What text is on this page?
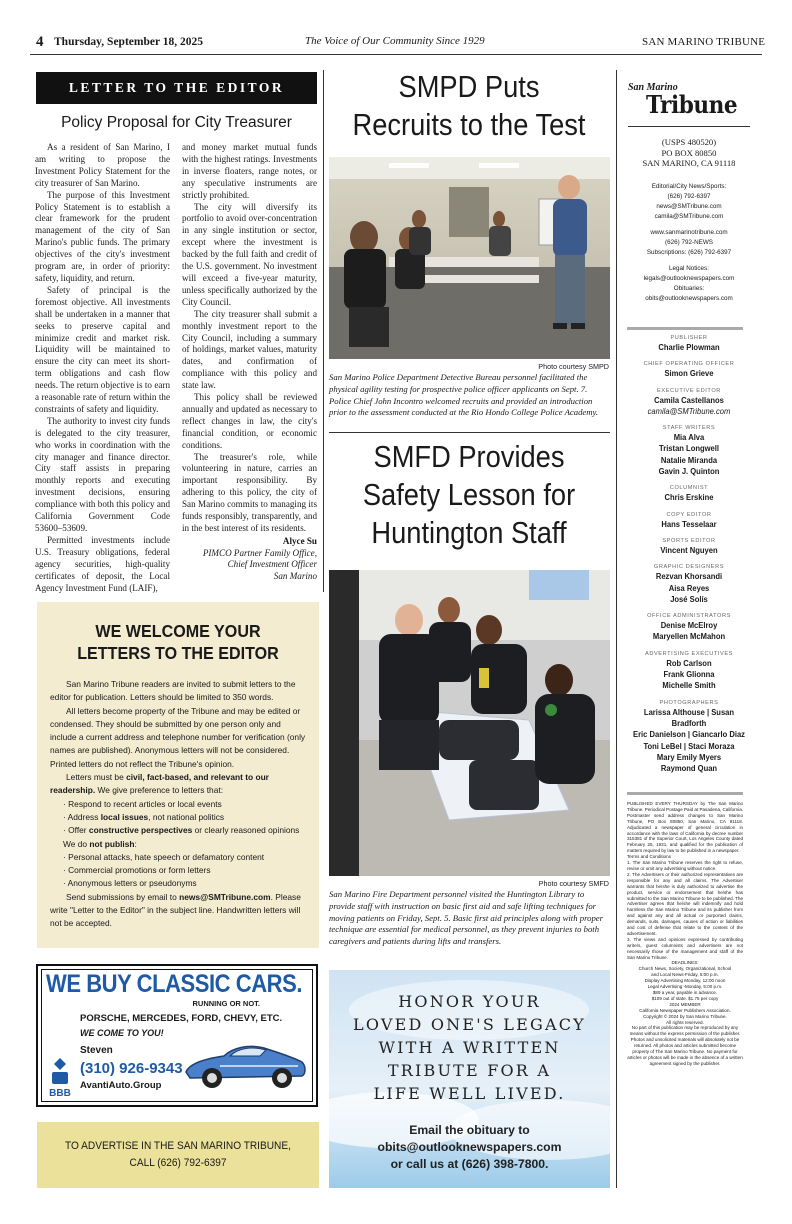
4 Thursday, September 18, 2025	The Voice of Our Community Since 1929	SAN MARINO TRIBUNE
LETTER TO THE EDITOR
Policy Proposal for City Treasurer

As a resident of San Marino, I am writing to propose the Investment Policy Statement for the city treasurer of San Marino.

The purpose of this Investment Policy Statement is to establish a clear framework for the prudent management of the city of San Marino's public funds. The primary objectives of the city's investment program are, in order of priority: safety, liquidity, and return.

Safety of principal is the foremost objective. All investments shall be undertaken in a manner that seeks to preserve capital and minimize credit and market risk. Liquidity will be maintained to ensure the city can meet its short-term obligations and cash flow needs. The return objective is to earn a reasonable rate of return within the constraints of safety and liquidity.

The authority to invest city funds is delegated to the city treasurer, who works in coordination with the city manager and finance director. City staff assists in preparing monthly reports and executing investment decisions, ensuring compliance with both this policy and California Government Code 53600–53609.

Permitted investments include U.S. Treasury obligations, federal agency securities, high-quality certificates of deposit, the Local Agency Investment Fund (LAIF),

and money market mutual funds with the highest ratings. Investments in inverse floaters, range notes, or any speculative instruments are strictly prohibited.

The city will diversify its portfolio to avoid over-concentration in any single institution or sector, except where the investment is backed by the full faith and credit of the U.S. government. No investment will exceed a five-year maturity, unless specifically authorized by the City Council.

The city treasurer shall submit a monthly investment report to the City Council, including a summary of holdings, market values, maturity dates, and confirmation of compliance with this policy and state law.

This policy shall be reviewed annually and updated as necessary to reflect changes in law, the city's financial condition, or economic conditions.

The treasurer's role, while volunteering in nature, carries an important responsibility. By adhering to this policy, the city of San Marino commits to managing its funds responsibly, transparently, and in the best interest of its residents.

Alyce Su
PIMCO Partner Family Office,
Chief Investment Officer
San Marino
WE WELCOME YOUR
LETTERS TO THE EDITOR

San Marino Tribune readers are invited to submit letters to the editor for publication. Letters should be limited to 350 words.

All letters become property of the Tribune and may be edited or condensed. They should be submitted by one person only and include a current address and telephone number for verification (only names are published). Anonymous letters will not be considered. Printed letters do not reflect the Tribune's opinion.

Letters must be civil, fact-based, and relevant to our readership. We give preference to letters that:

· Respond to recent articles or local events
· Address local issues, not national politics
· Offer constructive perspectives or clearly reasoned opinions
We do not publish:
· Personal attacks, hate speech or defamatory content
· Commercial promotions or form letters
· Anonymous letters or pseudonyms

Send submissions by email to news@SMTribune.com. Please write "Letter to the Editor" in the subject line. Handwritten letters will not be accepted.

WE BUY CLASSIC CARS.
RUNNING OR NOT.
PORSCHE, MERCEDES, FORD, CHEVY, ETC.
WE COME TO YOU!
Steven
(310) 926-9343
AvantiAuto.Group
BBB
TO ADVERTISE IN THE SAN MARINO TRIBUNE,
CALL (626) 792-6397
SMPD Puts
Recruits to the Test
Photo courtesy SMPD
San Marino Police Department Detective Bureau personnel facilitated the physical agility testing for prospective police officer applicants on Sept. 7. Police Chief John Incontro welcomed recruits and provided an introduction prior to the assessment conducted at the Rio Hondo College Police Academy.
SMFD Provides
Safety Lesson for
Huntington Staff
Photo courtesy SMFD
San Marino Fire Department personnel visited the Huntington Library to provide staff with instruction on basic first aid and safe lifting techniques for moving patients on Friday, Sept. 5. Basic first aid principles along with proper technique are essential for medical personnel, as they prevent injuries to both caregivers and patients during lifts and transfers.
HONOR YOUR
LOVED ONE'S LEGACY
WITH A WRITTEN
TRIBUTE FOR A
LIFE WELL LIVED.
Email the obituary to
obits@outlooknewspapers.com
or call us at (626) 398-7800.
San Marino
Tribune
(USPS 480520)
PO BOX 80850
SAN MARINO, CA 91118
Editorial/City News/Sports:
(626) 792-6397
news@SMTribune.com
camila@SMTribune.com
www.sanmarinotribune.com
(626) 792-NEWS
Subscriptions: (626) 792-6397
Legal Notices:
legals@outlooknewspapers.com
Obituaries:
obits@outlooknewspapers.com
PUBLISHER
Charlie Plowman
CHIEF OPERATING OFFICER
Simon Grieve
EXECUTIVE EDITOR
Camila Castellanos
camila@SMTribune.com
STAFF WRITERS
Mia Alva
Tristan Longwell
Natalie Miranda
Gavin J. Quinton
COLUMNIST
Chris Erskine
COPY EDITOR
Hans Tesselaar
SPORTS EDITOR
Vincent Nguyen
GRAPHIC DESIGNERS
Rezvan Khorsandi
Aisa Reyes
José Solís
OFFICE ADMINISTRATORS
Denise McElroy
Maryellen McMahon
ADVERTISING EXECUTIVES
Rob Carlson
Frank Glionna
Michelle Smith
PHOTOGRAPHERS
Larissa Althouse | Susan Bradforth
Eric Danielson | Giancarlo Diaz
Toni LeBel | Staci Moraza
Mary Emily Myers
Raymond Quan
PUBLISHED EVERY THURSDAY by The San Marino Tribune. Periodical Postage Paid at Pasadena, California. Postmaster send address changes to San Marino Tribune, PO Box 80850, San Marino, CA 91118. Adjudicated a newspaper of general circulation in accordance with the laws of California by decree number 315381 of the Superior Court, Los Angeles County dated February 25, 1931, and qualified for the publication of matters required by law to be published in a newspaper.
Terms and Conditions
1. The San Marino Tribune reserves the right to refuse, revise or omit any advertising without notice.
2. The Advertisers or their authorized representatives are responsible for any and all claims. The Advertiser warrants that he/she is duly authorized to advertise the product, service or endorsement that he/she has submitted to the San Marino Tribune to be published. The Advertiser agrees that he/she will indemnify and hold harmless the San Marino Tribune and its publisher from and against any and all actual or purported claims, demands, suits, damages, causes of action or liabilities and cost of defense that relate to the content of the advertisement.
3. The views and opinions expressed by contributing writers, guest columnists and advertisers are not necessarily those of the management and staff of the San Marino Tribune.
DEADLINES:
Church News, Society, Organizational, School
and Local News-Friday, 5:00 p.m.
Display Advertising Monday, 12:00 noon
Legal Advertising -Monday, 5:00 p.m.
$89 a year, payable in advance.
$109 out of state. $1.75 per copy
2024 MEMBER
California Newspaper Publishers Association.
Copyright © 2024 by San Marino Tribune.
All rights reserved.
No part of this publication may be reproduced by any means without the express permission of the publisher.
Photos and unsolicited materials will absolutely not be returned. All photos and articles submitted become property of The San Marino Tribune. No payment for articles or photos will be made in the absence of a written agreement signed by the publisher.
